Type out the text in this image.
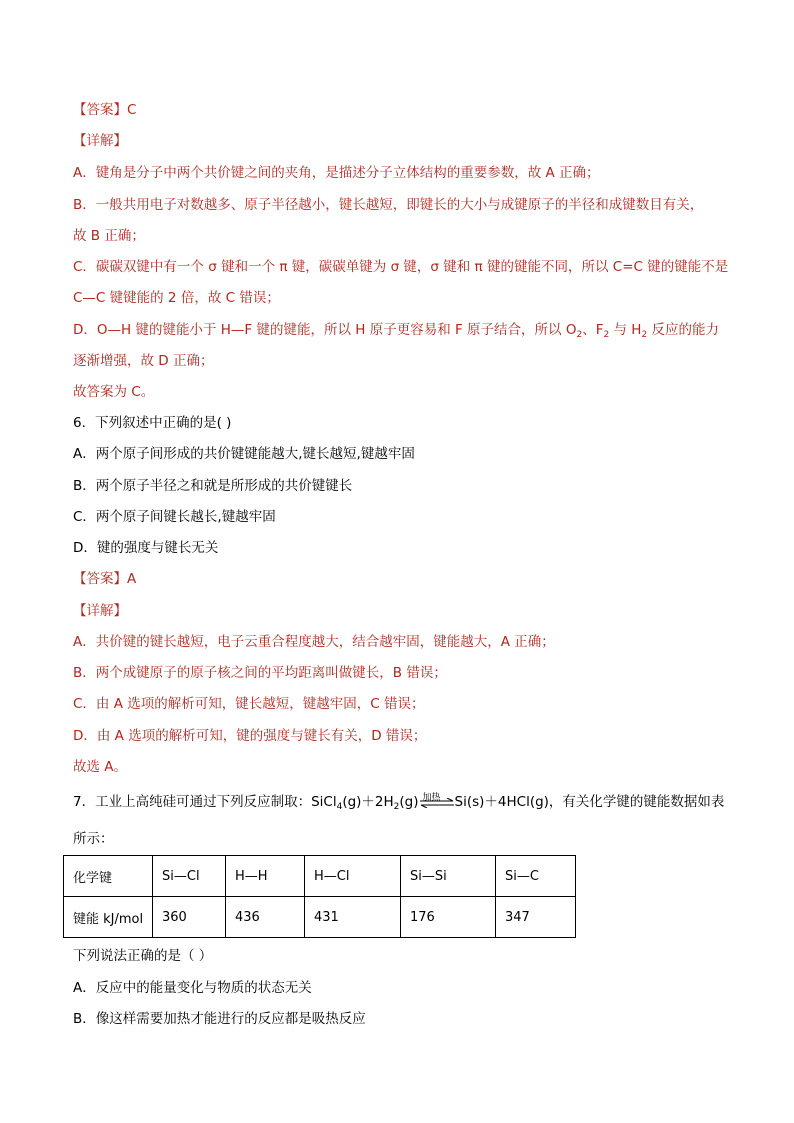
【答案】C
【详解】
A．键角是分子中两个共价键之间的夹角，是描述分子立体结构的重要参数，故 A 正确；
B．一般共用电子对数越多、原子半径越小，键长越短，即键长的大小与成键原子的半径和成键数目有关，
故 B 正确；
C．碳碳双键中有一个 σ 键和一个 π 键，碳碳单键为 σ 键，σ 键和 π 键的键能不同，所以 C=C 键的键能不是
C—C 键键能的 2 倍，故 C 错误；
D．O—H 键的键能小于 H—F 键的键能，所以 H 原子更容易和 F 原子结合，所以 $O_2$、$F_2$ 与 $H_2$ 反应的能力
逐渐增强，故 D 正确；
故答案为 C。
6．下列叙述中正确的是( )
A．两个原子间形成的共价键键能越大,键长越短,键越牢固
B．两个原子半径之和就是所形成的共价键键长
C．两个原子间键长越长,键越牢固
D．键的强度与键长无关
【答案】A
【详解】
A．共价键的键长越短，电子云重合程度越大，结合越牢固，键能越大，A 正确；
B．两个成键原子的原子核之间的平均距离叫做键长，B 错误；
C．由 A 选项的解析可知，键长越短，键越牢固，C 错误；
D．由 A 选项的解析可知，键的强度与键长有关，D 错误；
故选 A。
7．工业上高纯硅可通过下列反应制取：$SiCl_4(g)+2H_2(g)$ 加热 Si(s)＋4HCl(g)，有关化学键的键能数据如表
所示：
化学键	Si—Cl	H—H	H—Cl	Si—Si	Si—C
键能 kJ/mol	360	436	431	176	347
下列说法正确的是（ ）
A．反应中的能量变化与物质的状态无关
B．像这样需要加热才能进行的反应都是吸热反应
